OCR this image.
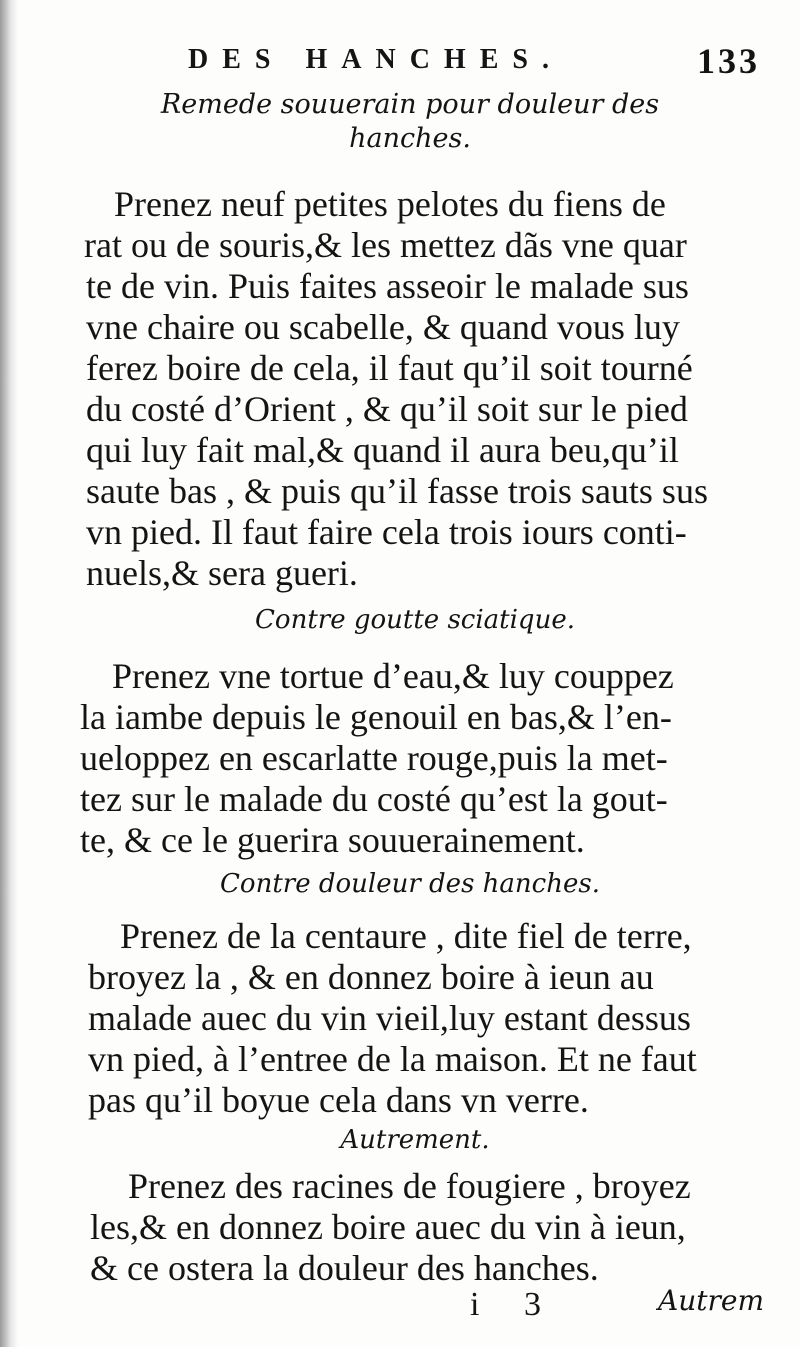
DES HANCHES.	133
Remede souuerain pour douleur des hanches.

Prenez neuf petites pelotes du fiens de
rat ou de souris,& les mettez dãs vne quar
te de vin. Puis faites asseoir le malade sus
vne chaire ou scabelle, & quand vous luy
ferez boire de cela, il faut qu’il soit tourné
du costé d’Orient , & qu’il soit sur le pied
qui luy fait mal,& quand il aura beu,qu’il
saute bas , & puis qu’il fasse trois sauts sus
vn pied. Il faut faire cela trois iours conti-
nuels,& sera gueri.

Contre goutte sciatique.

Prenez vne tortue d’eau,& luy couppez
la iambe depuis le genouil en bas,& l’en-
ueloppez en escarlatte rouge,puis la met-
tez sur le malade du costé qu’est la gout-
te, & ce le guerira souuerainement.

Contre douleur des hanches.

Prenez de la centaure , dite fiel de terre,
broyez la , & en donnez boire à ieun au
malade auec du vin vieil,luy estant dessus
vn pied, à l’entree de la maison. Et ne faut
pas qu’il boyue cela dans vn verre.

Autrement.

Prenez des racines de fougiere , broyez
les,& en donnez boire auec du vin à ieun,
& ce ostera la douleur des hanches.

i 3	Autrem
